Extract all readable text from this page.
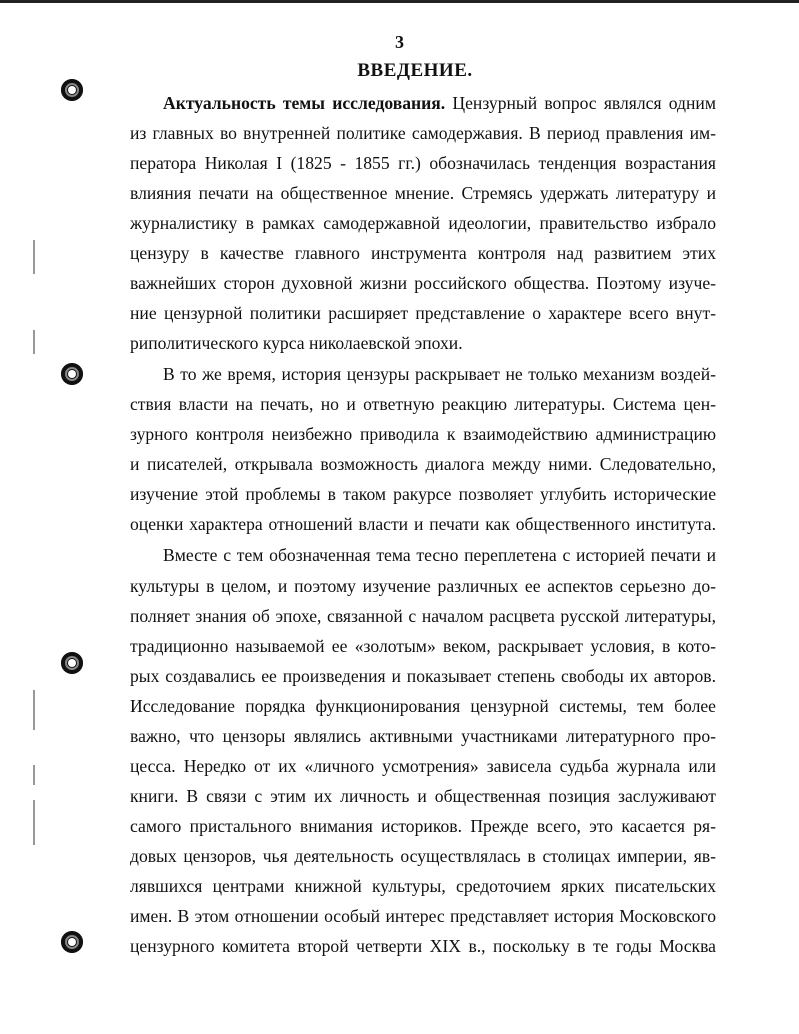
3
ВВЕДЕНИЕ.
Актуальность темы исследования. Цензурный вопрос являлся одним
из главных во внутренней политике самодержавия. В период правления им-
ператора Николая I (1825 - 1855 гг.) обозначилась тенденция возрастания
влияния печати на общественное мнение. Стремясь удержать литературу и
журналистику в рамках самодержавной идеологии, правительство избрало
цензуру в качестве главного инструмента контроля над развитием этих
важнейших сторон духовной жизни российского общества. Поэтому изуче-
ние цензурной политики расширяет представление о характере всего внут-
риполитического курса николаевской эпохи.
В то же время, история цензуры раскрывает не только механизм воздей-
ствия власти на печать, но и ответную реакцию литературы. Система цен-
зурного контроля неизбежно приводила к взаимодействию администрацию
и писателей, открывала возможность диалога между ними. Следовательно,
изучение этой проблемы в таком ракурсе позволяет углубить исторические
оценки характера отношений власти и печати как общественного института.
Вместе с тем обозначенная тема тесно переплетена с историей печати и
культуры в целом, и поэтому изучение различных ее аспектов серьезно до-
полняет знания об эпохе, связанной с началом расцвета русской литературы,
традиционно называемой ее «золотым» веком, раскрывает условия, в кото-
рых создавались ее произведения и показывает степень свободы их авторов.
Исследование порядка функционирования цензурной системы, тем более
важно, что цензоры являлись активными участниками литературного про-
цесса. Нередко от их «личного усмотрения» зависела судьба журнала или
книги. В связи с этим их личность и общественная позиция заслуживают
самого пристального внимания историков. Прежде всего, это касается ря-
довых цензоров, чья деятельность осуществлялась в столицах империи, яв-
лявшихся центрами книжной культуры, средоточием ярких писательских
имен. В этом отношении особый интерес представляет история Московского
цензурного комитета второй четверти XIX в., поскольку в те годы Москва
